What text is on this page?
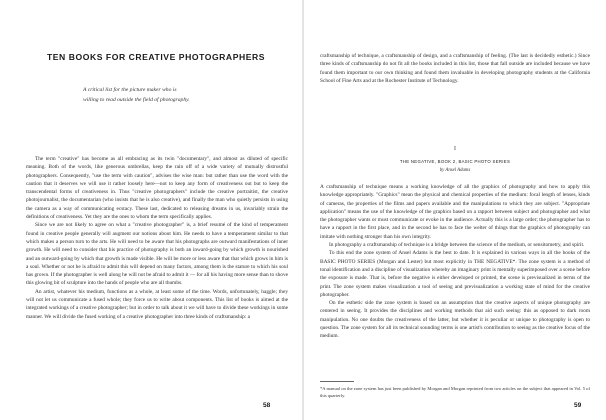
TEN BOOKS FOR CREATIVE PHOTOGRAPHERS
A critical list for the picture maker who is
willing to read outside the field of photography.

The term "creative" has become as all embracing as its twin "documentary", and almost as diluted of specific meaning. Both of the words, like generous umbrellas, keep the rain off of a wide variety of mutually distrustful photographers. Consequently, "use the term with caution", advises the wise man: but rather than use the word with the caution that it deserves we will use it rather loosely here—not to keep any form of creativeness out but to keep the transcendental forms of creativeness in. Thus "creative photographers" include the creative portraitist, the creative photojournalist, the documentarian (who insists that he is also creative), and finally the man who quietly persists in using the camera as a way of communicating ecstacy. These last, dedicated to releasing dreams in us, invariably strain the definitions of creativeness. Yet they are the ones to whom the term specifically applies.

Since we are not likely to agree on what a "creative photographer" is, a brief resumé of the kind of temperament found in creative people generally will augment our notions about him. He needs to have a temperament similar to that which makes a person turn to the arts. He will need to be aware that his photographs are outward manifestations of inner growth. He will need to consider that his practice of photography is both an inward-going by which growth is nourished and an outward-going by which that growth is made visible. He will be more or less aware that that which grows in him is a soul. Whether or not he is afraid to admit this will depend on many factors, among them is the stature to which his soul has grown. If the photographer is well along he will not be afraid to admit it — for all his having more sense than to shove this glowing bit of sculpture into the hands of people who are all thumbs.

An artist, whatever his medium, functions as a whole, at least some of the time. Words, unfortunately, haggle; they will not let us communicate a fused whole; they force us to write about components. This list of books is aimed at the integrated workings of a creative photographer; but in order to talk about it we will have to divide these workings in some manner. We will divide the fused working of a creative photographer into three kinds of craftsmanship: a

58

craftsmanship of technique, a craftsmanship of design, and a craftsmanship of feeling. (The last is decidedly esthetic.) Since three kinds of craftsmanship do not fit all the books included in this list, those that fall outside are included because we have found them important to our own thinking and found them invaluable in developing photography students at the California School of Fine Arts and at the Rochester Institute of Technology.

I
THE NEGATIVE, BOOK 2, BASIC PHOTO SERIES
by Ansel Adams

A craftsmanship of technique means a working knowledge of all the graphics of photography and how to apply this knowledge appropriately. "Graphics" mean the physical and chemical properties of the medium: focal length of lenses, kinds of cameras, the properties of the films and papers available and the manipulations to which they are subject. "Appropriate application" means the use of the knowledge of the graphics based on a rapport between subject and photographer and what the photographer wants or must communicate or evoke in the audience. Actually this is a large order; the photographer has to have a rapport in the first place, and in the second he has to face the welter of things that the graphics of photography can imitate with nothing stronger than his own integrity.

In photography a craftsmanship of technique is a bridge between the science of the medium, or sensitometry, and spirit.

To this end the zone system of Ansel Adams is the best to date. It is explained in various ways in all the books of the BASIC PHOTO SERIES (Morgan and Lester) but most explicitly in THE NEGATIVE*. The zone system is a method of tonal identification and a discipline of visualization whereby an imaginary print is mentally superimposed over a scene before the exposure is made. That is, before the negative is either developed or printed, the scene is previsualized in terms of the print. The zone system makes visualization a tool of seeing and previsualization a working state of mind for the creative photographer.

On the esthetic side the zone system is based on an assumption that the creative aspects of unique photography are centered in seeing. It provides the disciplines and working methods that aid such seeing: this as opposed to dark room manipulation. No one doubts the creativeness of the latter, but whether it is peculiar or unique to photography is open to question. The zone system for all its technical sounding terms is one artist's contribution to seeing as the creative focus of the medium.

*A manual on the zone system has just been published by Morgan and Morgan reprinted from two articles on the subject that appeared in Vol. 5 of this quarterly.
59
